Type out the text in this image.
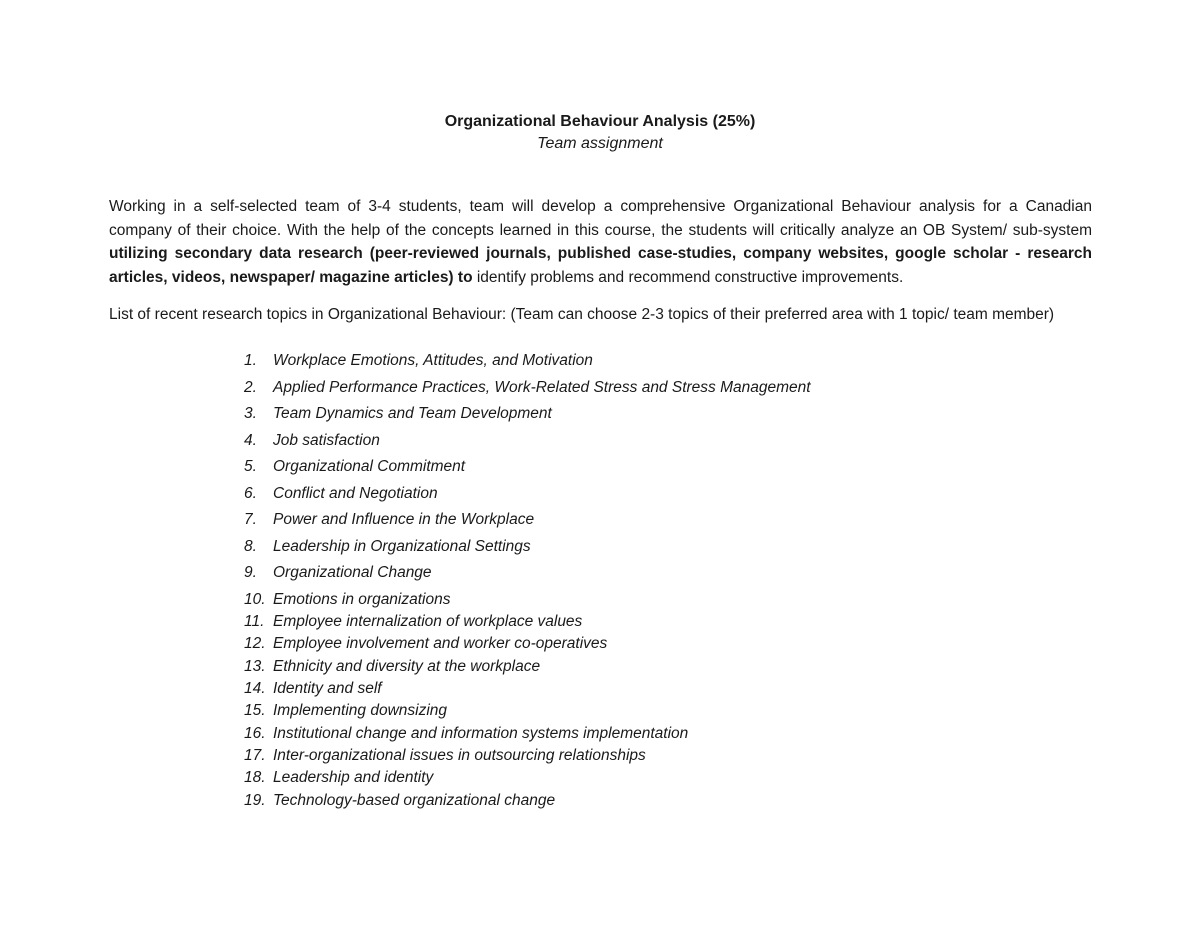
Organizational Behaviour Analysis (25%)
Team assignment

Working in a self-selected team of 3-4 students, team will develop a comprehensive Organizational Behaviour analysis for a Canadian company of their choice. With the help of the concepts learned in this course, the students will critically analyze an OB System/ sub-system utilizing secondary data research (peer-reviewed journals, published case-studies, company websites, google scholar - research articles, videos, newspaper/ magazine articles) to identify problems and recommend constructive improvements.

List of recent research topics in Organizational Behaviour: (Team can choose 2-3 topics of their preferred area with 1 topic/ team member)

1. Workplace Emotions, Attitudes, and Motivation
2. Applied Performance Practices, Work-Related Stress and Stress Management
3. Team Dynamics and Team Development
4. Job satisfaction
5. Organizational Commitment
6. Conflict and Negotiation
7. Power and Influence in the Workplace
8. Leadership in Organizational Settings
9. Organizational Change
10. Emotions in organizations
11. Employee internalization of workplace values
12. Employee involvement and worker co-operatives
13. Ethnicity and diversity at the workplace
14. Identity and self
15. Implementing downsizing
16. Institutional change and information systems implementation
17. Inter-organizational issues in outsourcing relationships
18. Leadership and identity
19. Technology-based organizational change
